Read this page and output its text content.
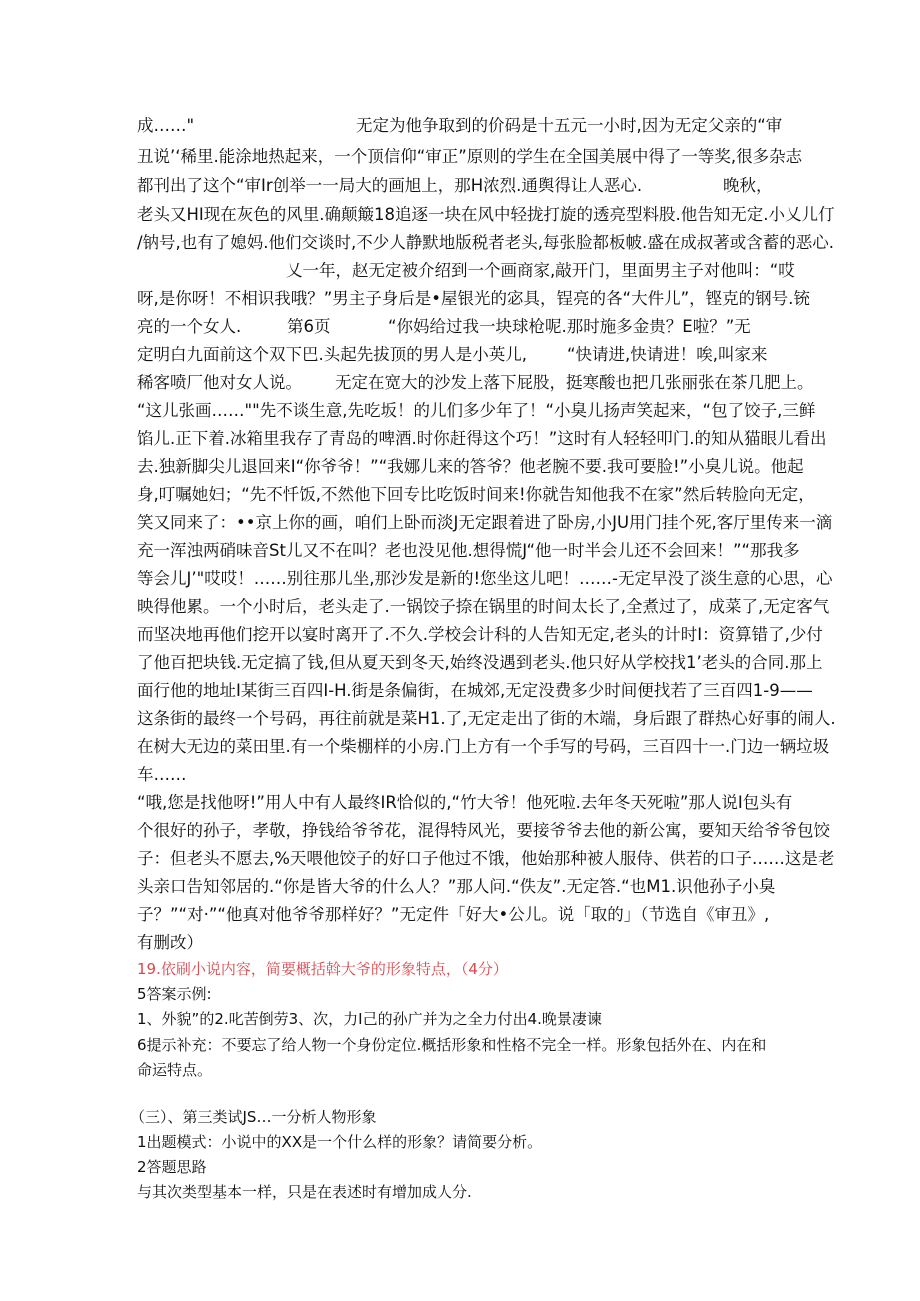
成……"	无定为他争取到的价码是十五元一小时,因为无定父亲的“审
丑说’‘稀里.能涂地热起来，一个顶信仰“审正”原则的学生在全国美展中得了一等奖,很多杂志
都刊出了这个“审Ir创举一一局大的画旭上，那H浓烈.通舆得让人恶心.	晚秋，
老头又HI现在灰色的风里.确颠簸18追逐一块在风中轻拢打旋的透亮型料股.他告知无定.小乂儿仃
/钠号,也有了媳妈.他们交谈时,不少人静默地版税者老头,每张脸都板帔.盛在成叔著或含蓄的恶心.
乂一年，赵无定被介绍到一个画商家,敲开门，里面男主子对他叫：“哎
呀,是你呀！不相识我哦？”男主子身后是•屋银光的宓具，锃亮的各“大件儿”，铿克的钢号.铳
亮的一个女人.	第6页	“你妈给过我一块球枪呢.那时施多金贵？E啦？”无
定明白九面前这个双下巴.头起先拔顶的男人是小英儿, “快请进,快请进！唉,叫家来
稀客喷厂他对女人说。 无定在宽大的沙发上落下屁股，挺寒酸也把几张丽张在茶几肥上。
“这儿张画……""先不谈生意,先吃坂！的儿们多少年了！“小臭儿扬声笑起来，“包了饺子,三鲜
馅儿.正下着.冰箱里我存了青岛的啤酒.时你赶得这个巧！”这时有人轻轻叩门.的知从猫眼儿看出
去.独新脚尖儿退回来I“你爷爷！”“我娜儿来的答爷？他老腕不要.我可要脸!”小臭儿说。他起
身,叮嘱她妇；“先不忏饭,不然他下回专比吃饭时间来!你就告知他我不在家”然后转脸向无定，
笑又同来了：••京上你的画，咱们上卧而淡J无定跟着进了卧房,小JU用门挂个死,客厅里传来一滴
充一浑浊两硝味音St儿又不在叫？老也没见他.想得慌J“他一时半会儿还不会回来！”“那我多
等会儿J’"哎哎！……别往那儿坐,那沙发是新的!您坐这儿吧！……-无定早没了淡生意的心思，心
映得他累。一个小时后，老头走了.一锅饺子捺在锅里的时间太长了,全煮过了，成菜了,无定客气
而坚决地再他们挖开以宴时离开了.不久.学校会计科的人告知无定,老头的计时I：资算错了,少付
了他百把块钱.无定搞了钱,但从夏天到冬天,始终没遇到老头.他只好从学校找1’老头的合同.那上
面行他的地址I某街三百四I-H.街是条偏街，在城郊,无定没费多少时间便找若了三百四1-9——
这条街的最终一个号码，再往前就是菜H1.了,无定走出了街的木端，身后跟了群热心好事的闹人.
在树大无边的菜田里.有一个柴棚样的小房.门上方有一个手写的号码，三百四十一.门边一辆垃圾
车……
“哦,您是找他呀!”用人中有人最终IR恰似的,“竹大爷！他死啦.去年冬天死啦”那人说I包头有
个很好的孙子，孝敬，挣钱给爷爷花，混得特风光，要接爷爷去他的新公寓，要知天给爷爷包饺
子：但老头不愿去,%天喂他饺子的好口子他过不饿，他始那种被人服侍、供若的口子……这是老
头亲口告知邻居的.“你是皆大爷的什么人？”那人问.“佚友”.无定答.“也M1.识他孙子小臭
子？”“对·”“他真对他爷爷那样好？”无定件「好大•公儿。说「取的」（节选自《审丑》,
有删改）
19.依刷小说内容，简要概括斡大爷的形象特点，（4分）
5答案示例:
1、外貌”的2.叱苦倒劳3、次，力I己的孙广并为之全力付出4.晚景凄谏
6提示补充：不要忘了给人物一个身份定位.概括形象和性格不完全一样。形象包括外在、内在和
命运特点。
（三）、第三类试JS…一分析人物形象
1出题模式：小说中的XX是一个什么样的形象？请简要分析。
2答题思路
与其次类型基本一样，只是在表述时有增加成人分.
